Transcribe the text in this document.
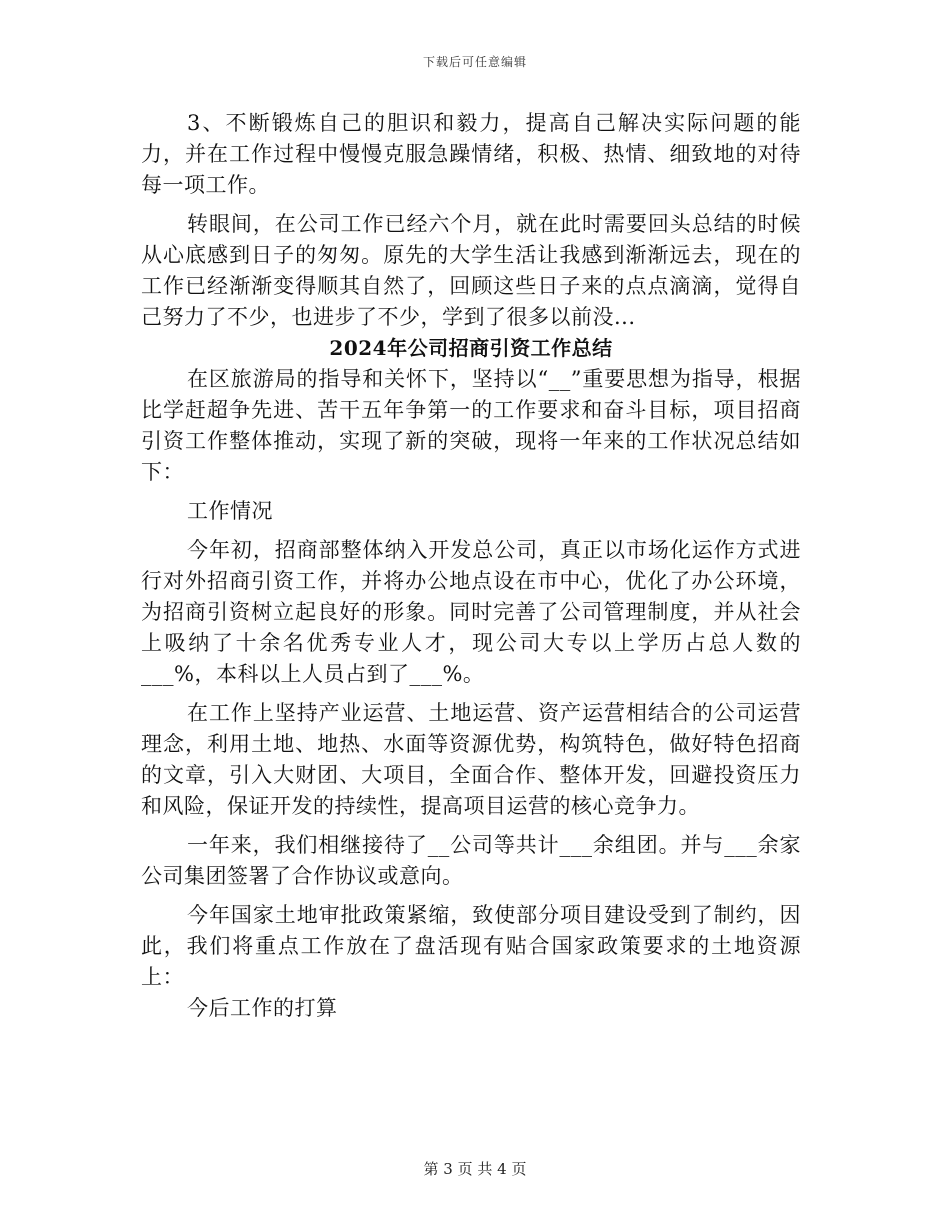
下载后可任意编辑

3、不断锻炼自己的胆识和毅力，提高自己解决实际问题的能力，并在工作过程中慢慢克服急躁情绪，积极、热情、细致地的对待每一项工作。

转眼间，在公司工作已经六个月，就在此时需要回头总结的时候从心底感到日子的匆匆。原先的大学生活让我感到渐渐远去，现在的工作已经渐渐变得顺其自然了，回顾这些日子来的点点滴滴，觉得自己努力了不少，也进步了不少，学到了很多以前没...

2024年公司招商引资工作总结

在区旅游局的指导和关怀下，坚持以“__”重要思想为指导，根据比学赶超争先进、苦干五年争第一的工作要求和奋斗目标，项目招商引资工作整体推动，实现了新的突破，现将一年来的工作状况总结如下：

工作情况

今年初，招商部整体纳入开发总公司，真正以市场化运作方式进行对外招商引资工作，并将办公地点设在市中心，优化了办公环境，为招商引资树立起良好的形象。同时完善了公司管理制度，并从社会上吸纳了十余名优秀专业人才，现公司大专以上学历占总人数的___%，本科以上人员占到了___%。

在工作上坚持产业运营、土地运营、资产运营相结合的公司运营理念，利用土地、地热、水面等资源优势，构筑特色，做好特色招商的文章，引入大财团、大项目，全面合作、整体开发，回避投资压力和风险，保证开发的持续性，提高项目运营的核心竞争力。

一年来，我们相继接待了__公司等共计___余组团。并与___余家公司集团签署了合作协议或意向。

今年国家土地审批政策紧缩，致使部分项目建设受到了制约，因此，我们将重点工作放在了盘活现有贴合国家政策要求的土地资源上：

今后工作的打算

第 3 页 共 4 页
